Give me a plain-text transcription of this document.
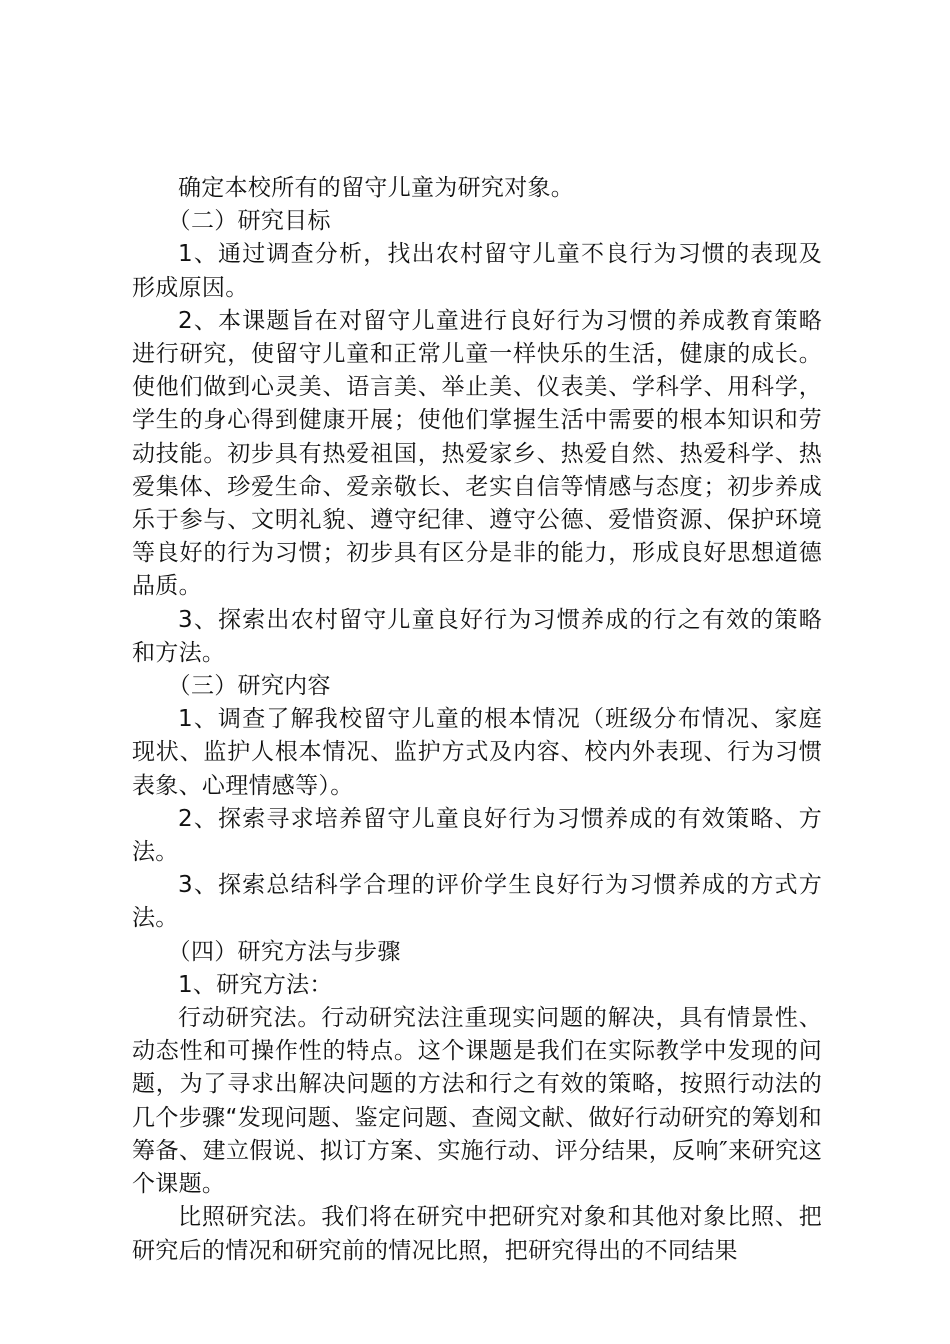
确定本校所有的留守儿童为研究对象。

（二）研究目标

1、通过调查分析，找出农村留守儿童不良行为习惯的表现及形成原因。

2、本课题旨在对留守儿童进行良好行为习惯的养成教育策略进行研究，使留守儿童和正常儿童一样快乐的生活，健康的成长。使他们做到心灵美、语言美、举止美、仪表美、学科学、用科学，学生的身心得到健康开展；使他们掌握生活中需要的根本知识和劳动技能。初步具有热爱祖国，热爱家乡、热爱自然、热爱科学、热爱集体、珍爱生命、爱亲敬长、老实自信等情感与态度；初步养成乐于参与、文明礼貌、遵守纪律、遵守公德、爱惜资源、保护环境等良好的行为习惯；初步具有区分是非的能力，形成良好思想道德品质。

3、探索出农村留守儿童良好行为习惯养成的行之有效的策略和方法。

（三）研究内容

1、调查了解我校留守儿童的根本情况（班级分布情况、家庭现状、监护人根本情况、监护方式及内容、校内外表现、行为习惯表象、心理情感等）。

2、探索寻求培养留守儿童良好行为习惯养成的有效策略、方法。

3、探索总结科学合理的评价学生良好行为习惯养成的方式方法。

（四）研究方法与步骤

1、研究方法：

行动研究法。行动研究法注重现实问题的解决，具有情景性、动态性和可操作性的特点。这个课题是我们在实际教学中发现的问题，为了寻求出解决问题的方法和行之有效的策略，按照行动法的几个步骤“发现问题、鉴定问题、查阅文献、做好行动研究的筹划和筹备、建立假说、拟订方案、实施行动、评分结果，反响″来研究这个课题。

比照研究法。我们将在研究中把研究对象和其他对象比照、把研究后的情况和研究前的情况比照，把研究得出的不同结果
